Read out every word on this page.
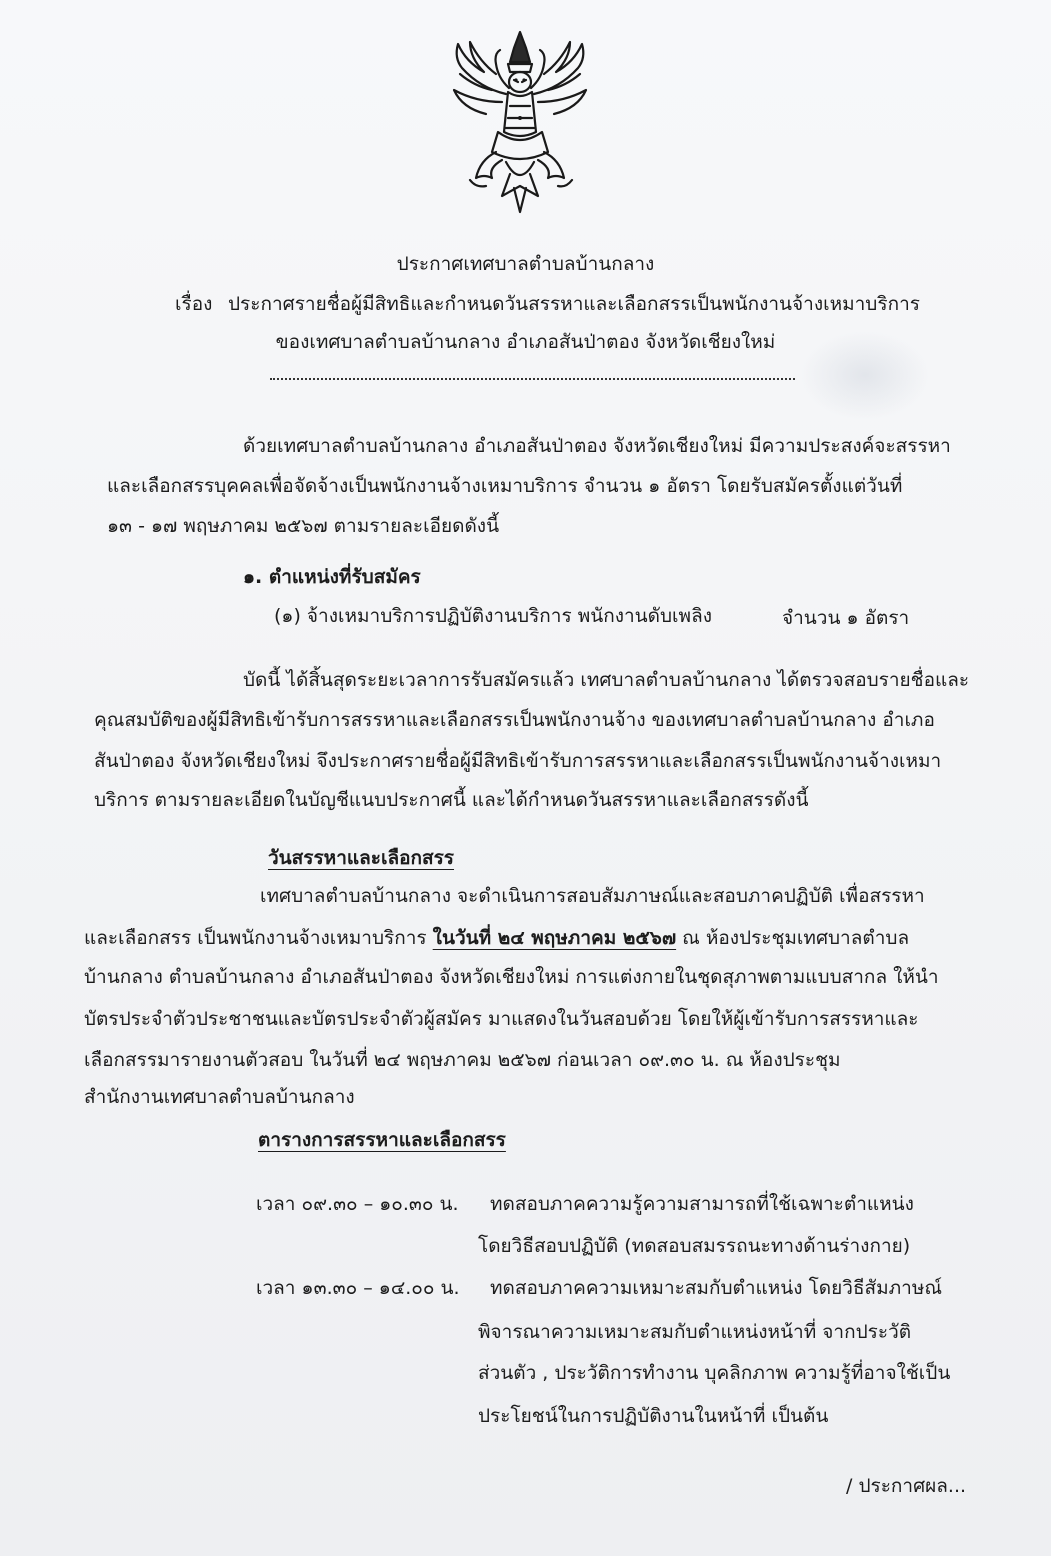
ประกาศเทศบาลตำบลบ้านกลาง
เรื่อง ประกาศรายชื่อผู้มีสิทธิและกำหนดวันสรรหาและเลือกสรรเป็นพนักงานจ้างเหมาบริการ
ของเทศบาลตำบลบ้านกลาง อำเภอสันป่าตอง จังหวัดเชียงใหม่
ด้วยเทศบาลตำบลบ้านกลาง อำเภอสันป่าตอง จังหวัดเชียงใหม่ มีความประสงค์จะสรรหา
และเลือกสรรบุคคลเพื่อจัดจ้างเป็นพนักงานจ้างเหมาบริการ จำนวน ๑ อัตรา โดยรับสมัครตั้งแต่วันที่
๑๓ - ๑๗ พฤษภาคม ๒๕๖๗ ตามรายละเอียดดังนี้
๑. ตำแหน่งที่รับสมัคร
(๑) จ้างเหมาบริการปฏิบัติงานบริการ พนักงานดับเพลิง	จำนวน ๑ อัตรา
บัดนี้ ได้สิ้นสุดระยะเวลาการรับสมัครแล้ว เทศบาลตำบลบ้านกลาง ได้ตรวจสอบรายชื่อและ
คุณสมบัติของผู้มีสิทธิเข้ารับการสรรหาและเลือกสรรเป็นพนักงานจ้าง ของเทศบาลตำบลบ้านกลาง อำเภอ
สันป่าตอง จังหวัดเชียงใหม่ จึงประกาศรายชื่อผู้มีสิทธิเข้ารับการสรรหาและเลือกสรรเป็นพนักงานจ้างเหมา
บริการ ตามรายละเอียดในบัญชีแนบประกาศนี้ และได้กำหนดวันสรรหาและเลือกสรรดังนี้
วันสรรหาและเลือกสรร
เทศบาลตำบลบ้านกลาง จะดำเนินการสอบสัมภาษณ์และสอบภาคปฏิบัติ เพื่อสรรหา
และเลือกสรร เป็นพนักงานจ้างเหมาบริการ ในวันที่ ๒๔ พฤษภาคม ๒๕๖๗ ณ ห้องประชุมเทศบาลตำบล
บ้านกลาง ตำบลบ้านกลาง อำเภอสันป่าตอง จังหวัดเชียงใหม่ การแต่งกายในชุดสุภาพตามแบบสากล ให้นำ
บัตรประจำตัวประชาชนและบัตรประจำตัวผู้สมัคร มาแสดงในวันสอบด้วย โดยให้ผู้เข้ารับการสรรหาและ
เลือกสรรมารายงานตัวสอบ ในวันที่ ๒๔ พฤษภาคม ๒๕๖๗ ก่อนเวลา ๐๙.๓๐ น. ณ ห้องประชุม
สำนักงานเทศบาลตำบลบ้านกลาง
ตารางการสรรหาและเลือกสรร
เวลา ๐๙.๓๐ – ๑๐.๓๐ น. ทดสอบภาคความรู้ความสามารถที่ใช้เฉพาะตำแหน่ง
โดยวิธีสอบปฏิบัติ (ทดสอบสมรรถนะทางด้านร่างกาย)
เวลา ๑๓.๓๐ – ๑๔.๐๐ น. ทดสอบภาคความเหมาะสมกับตำแหน่ง โดยวิธีสัมภาษณ์
พิจารณาความเหมาะสมกับตำแหน่งหน้าที่ จากประวัติ
ส่วนตัว , ประวัติการทำงาน บุคลิกภาพ ความรู้ที่อาจใช้เป็น
ประโยชน์ในการปฏิบัติงานในหน้าที่ เป็นต้น
/ ประกาศผล...
